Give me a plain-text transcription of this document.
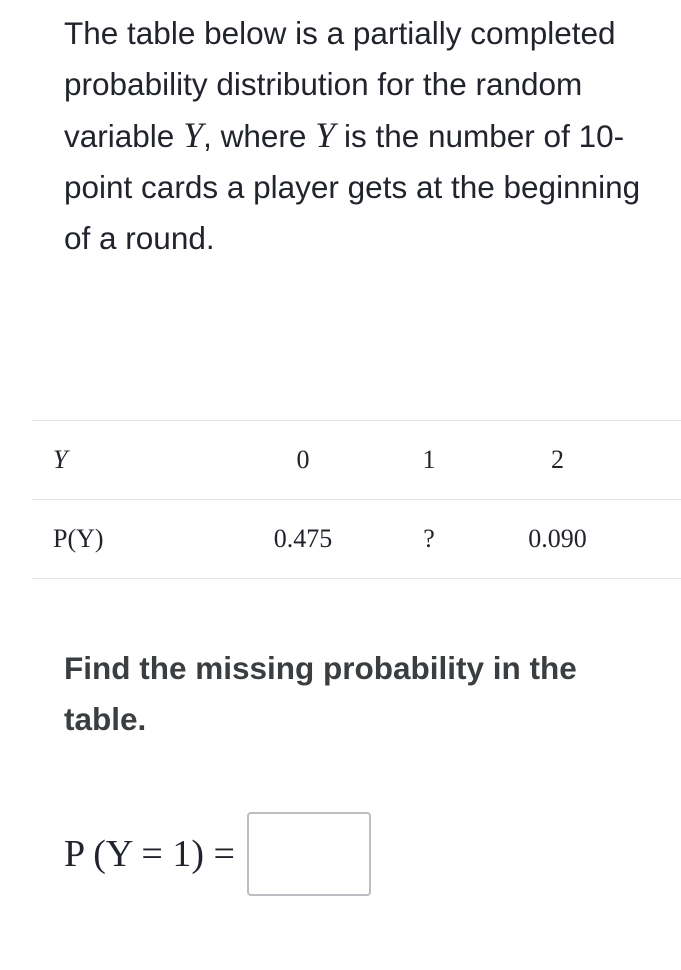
The table below is a partially completed probability distribution for the random variable Y, where Y is the number of 10-point cards a player gets at the beginning of a round.

Y	0	1	2	
P(Y)	0.475	?	0.090	

Find the missing probability in the table.

P (Y = 1) =
